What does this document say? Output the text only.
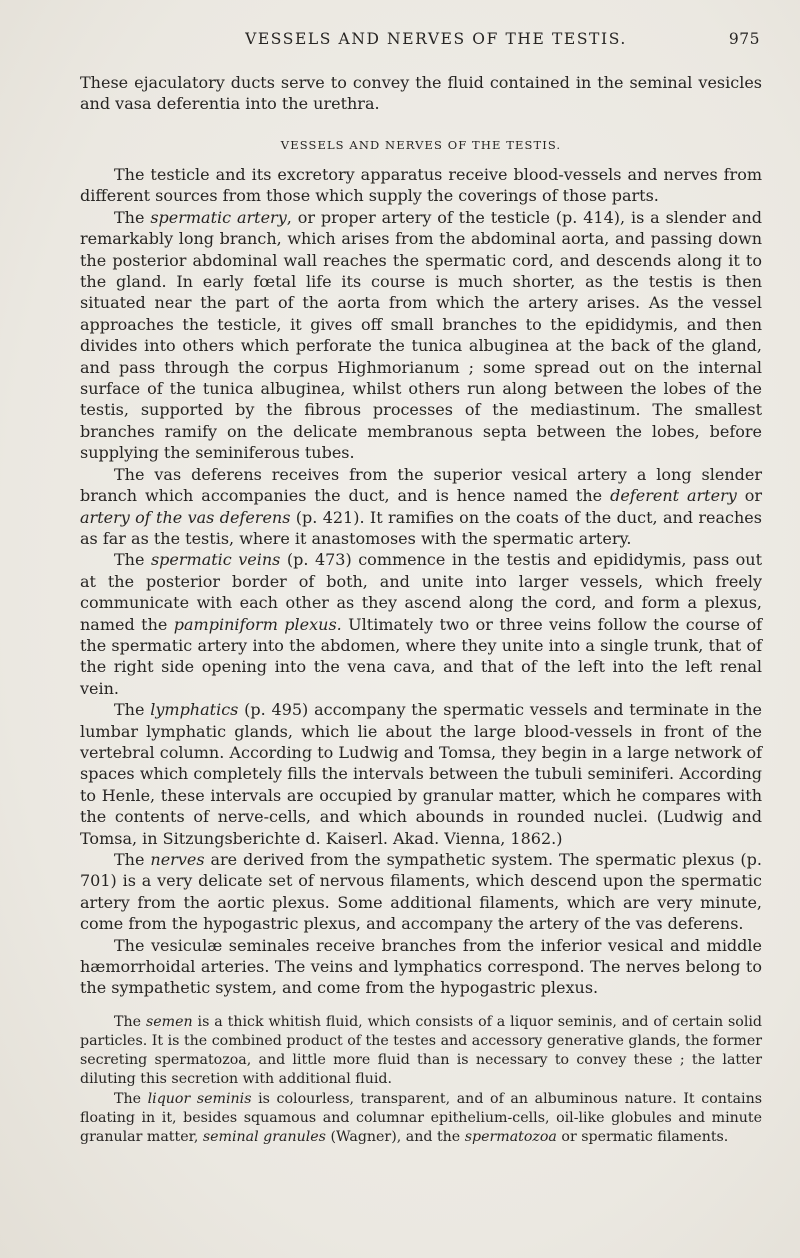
VESSELS AND NERVES OF THE TESTIS.	975

These ejaculatory ducts serve to convey the fluid contained in the seminal vesicles and vasa deferentia into the urethra.

VESSELS AND NERVES OF THE TESTIS.

The testicle and its excretory apparatus receive blood-vessels and nerves from different sources from those which supply the coverings of those parts.

The spermatic artery, or proper artery of the testicle (p. 414), is a slender and remarkably long branch, which arises from the abdominal aorta, and passing down the posterior abdominal wall reaches the spermatic cord, and descends along it to the gland. In early fœtal life its course is much shorter, as the testis is then situated near the part of the aorta from which the artery arises. As the vessel approaches the testicle, it gives off small branches to the epididymis, and then divides into others which perforate the tunica albuginea at the back of the gland, and pass through the corpus Highmorianum ; some spread out on the internal surface of the tunica albuginea, whilst others run along between the lobes of the testis, supported by the fibrous processes of the mediastinum. The smallest branches ramify on the delicate membranous septa between the lobes, before supplying the seminiferous tubes.

The vas deferens receives from the superior vesical artery a long slender branch which accompanies the duct, and is hence named the deferent artery or artery of the vas deferens (p. 421). It ramifies on the coats of the duct, and reaches as far as the testis, where it anastomoses with the spermatic artery.

The spermatic veins (p. 473) commence in the testis and epididymis, pass out at the posterior border of both, and unite into larger vessels, which freely communicate with each other as they ascend along the cord, and form a plexus, named the pampiniform plexus. Ultimately two or three veins follow the course of the spermatic artery into the abdomen, where they unite into a single trunk, that of the right side opening into the vena cava, and that of the left into the left renal vein.

The lymphatics (p. 495) accompany the spermatic vessels and terminate in the lumbar lymphatic glands, which lie about the large blood-vessels in front of the vertebral column. According to Ludwig and Tomsa, they begin in a large network of spaces which completely fills the intervals between the tubuli seminiferi. According to Henle, these intervals are occupied by granular matter, which he compares with the contents of nerve-cells, and which abounds in rounded nuclei. (Ludwig and Tomsa, in Sitzungsberichte d. Kaiserl. Akad. Vienna, 1862.)

The nerves are derived from the sympathetic system. The spermatic plexus (p. 701) is a very delicate set of nervous filaments, which descend upon the spermatic artery from the aortic plexus. Some additional filaments, which are very minute, come from the hypogastric plexus, and accompany the artery of the vas deferens.

The vesiculæ seminales receive branches from the inferior vesical and middle hæmorrhoidal arteries. The veins and lymphatics correspond. The nerves belong to the sympathetic system, and come from the hypogastric plexus.

The semen is a thick whitish fluid, which consists of a liquor seminis, and of certain solid particles. It is the combined product of the testes and accessory generative glands, the former secreting spermatozoa, and little more fluid than is necessary to convey these ; the latter diluting this secretion with additional fluid.

The liquor seminis is colourless, transparent, and of an albuminous nature. It contains floating in it, besides squamous and columnar epithelium-cells, oil-like globules and minute granular matter, seminal granules (Wagner), and the spermatozoa or spermatic filaments.
